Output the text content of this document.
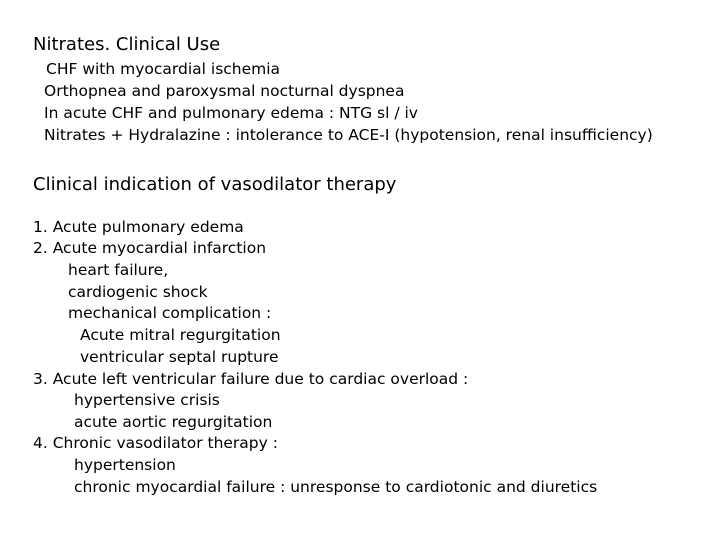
Nitrates. Clinical Use
CHF with myocardial ischemia
Orthopnea and paroxysmal nocturnal dyspnea
In acute CHF and pulmonary edema : NTG sl / iv
Nitrates + Hydralazine : intolerance to ACE-I (hypotension, renal insufficiency)
Clinical indication of vasodilator therapy
1. Acute pulmonary edema
2. Acute myocardial infarction
heart failure,
cardiogenic shock
mechanical complication :
Acute mitral regurgitation
ventricular septal rupture
3. Acute left ventricular failure due to cardiac overload :
hypertensive crisis
acute aortic regurgitation
4. Chronic vasodilator therapy :
hypertension
chronic myocardial failure : unresponse to cardiotonic and diuretics
